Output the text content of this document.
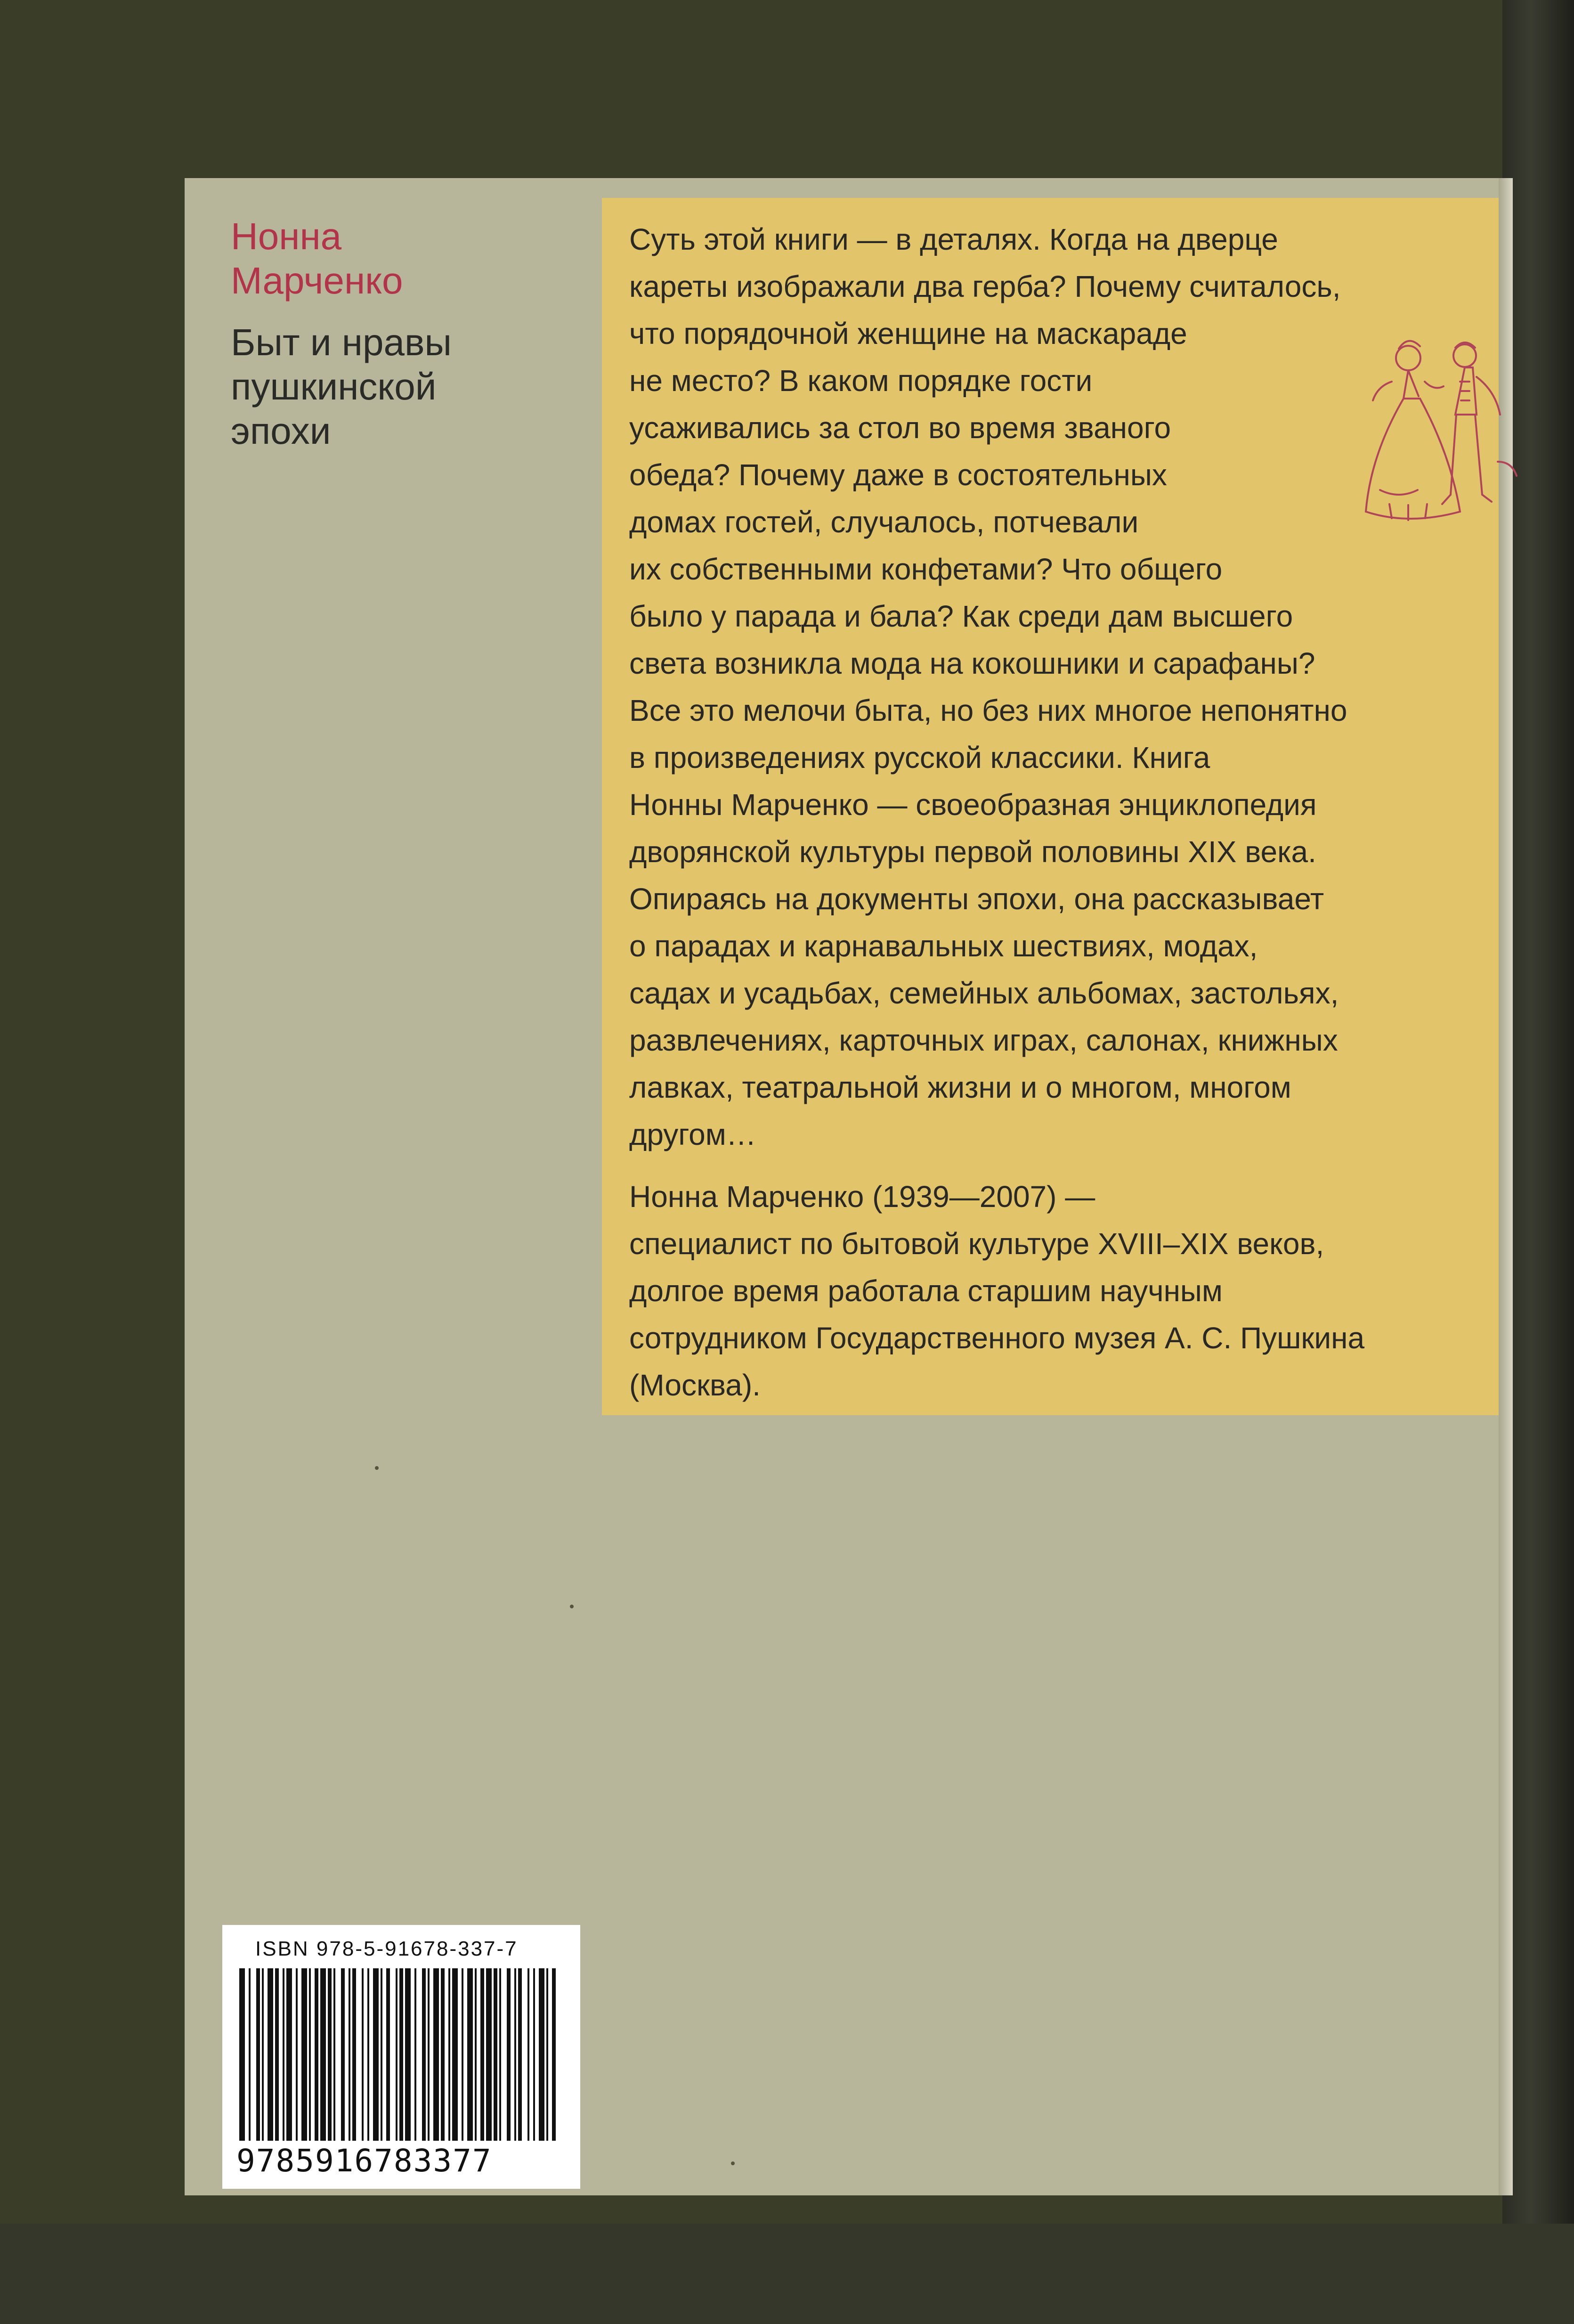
Нонна
Марченко
Быт и нравы
пушкинской
эпохи
Суть этой книги — в деталях. Когда на дверце
кареты изображали два герба? Почему считалось,
что порядочной женщине на маскараде
не место? В каком порядке гости
усаживались за стол во время званого
обеда? Почему даже в состоятельных
домах гостей, случалось, потчевали
их собственными конфетами? Что общего
было у парада и бала? Как среди дам высшего
света возникла мода на кокошники и сарафаны?
Все это мелочи быта, но без них многое непонятно
в произведениях русской классики. Книга
Нонны Марченко — своеобразная энциклопедия
дворянской культуры первой половины XIX века.
Опираясь на документы эпохи, она рассказывает
о парадах и карнавальных шествиях, модах,
садах и усадьбах, семейных альбомах, застольях,
развлечениях, карточных играх, салонах, книжных
лавках, театральной жизни и о многом, многом
другом…
Нонна Марченко (1939—2007) —
специалист по бытовой культуре XVIII–XIX веков,
долгое время работала старшим научным
сотрудником Государственного музея А. С. Пушкина
(Москва).
ISBN 978-5-91678-337-7
9785916783377
